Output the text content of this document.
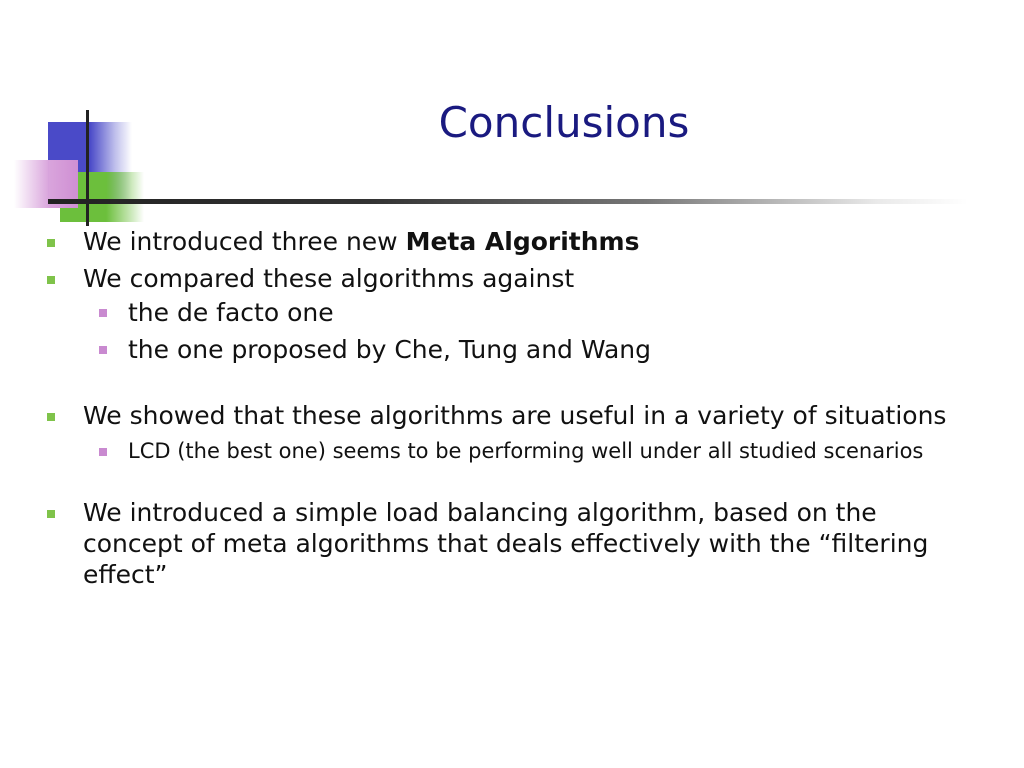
Conclusions
We introduced three new Meta Algorithms
We compared these algorithms against
the de facto one
the one proposed by Che, Tung and Wang
We showed that these algorithms are useful in a variety of situations
LCD (the best one) seems to be performing well under all studied scenarios
We introduced a simple load balancing algorithm, based on the concept of meta algorithms that deals effectively with the “filtering effect”
